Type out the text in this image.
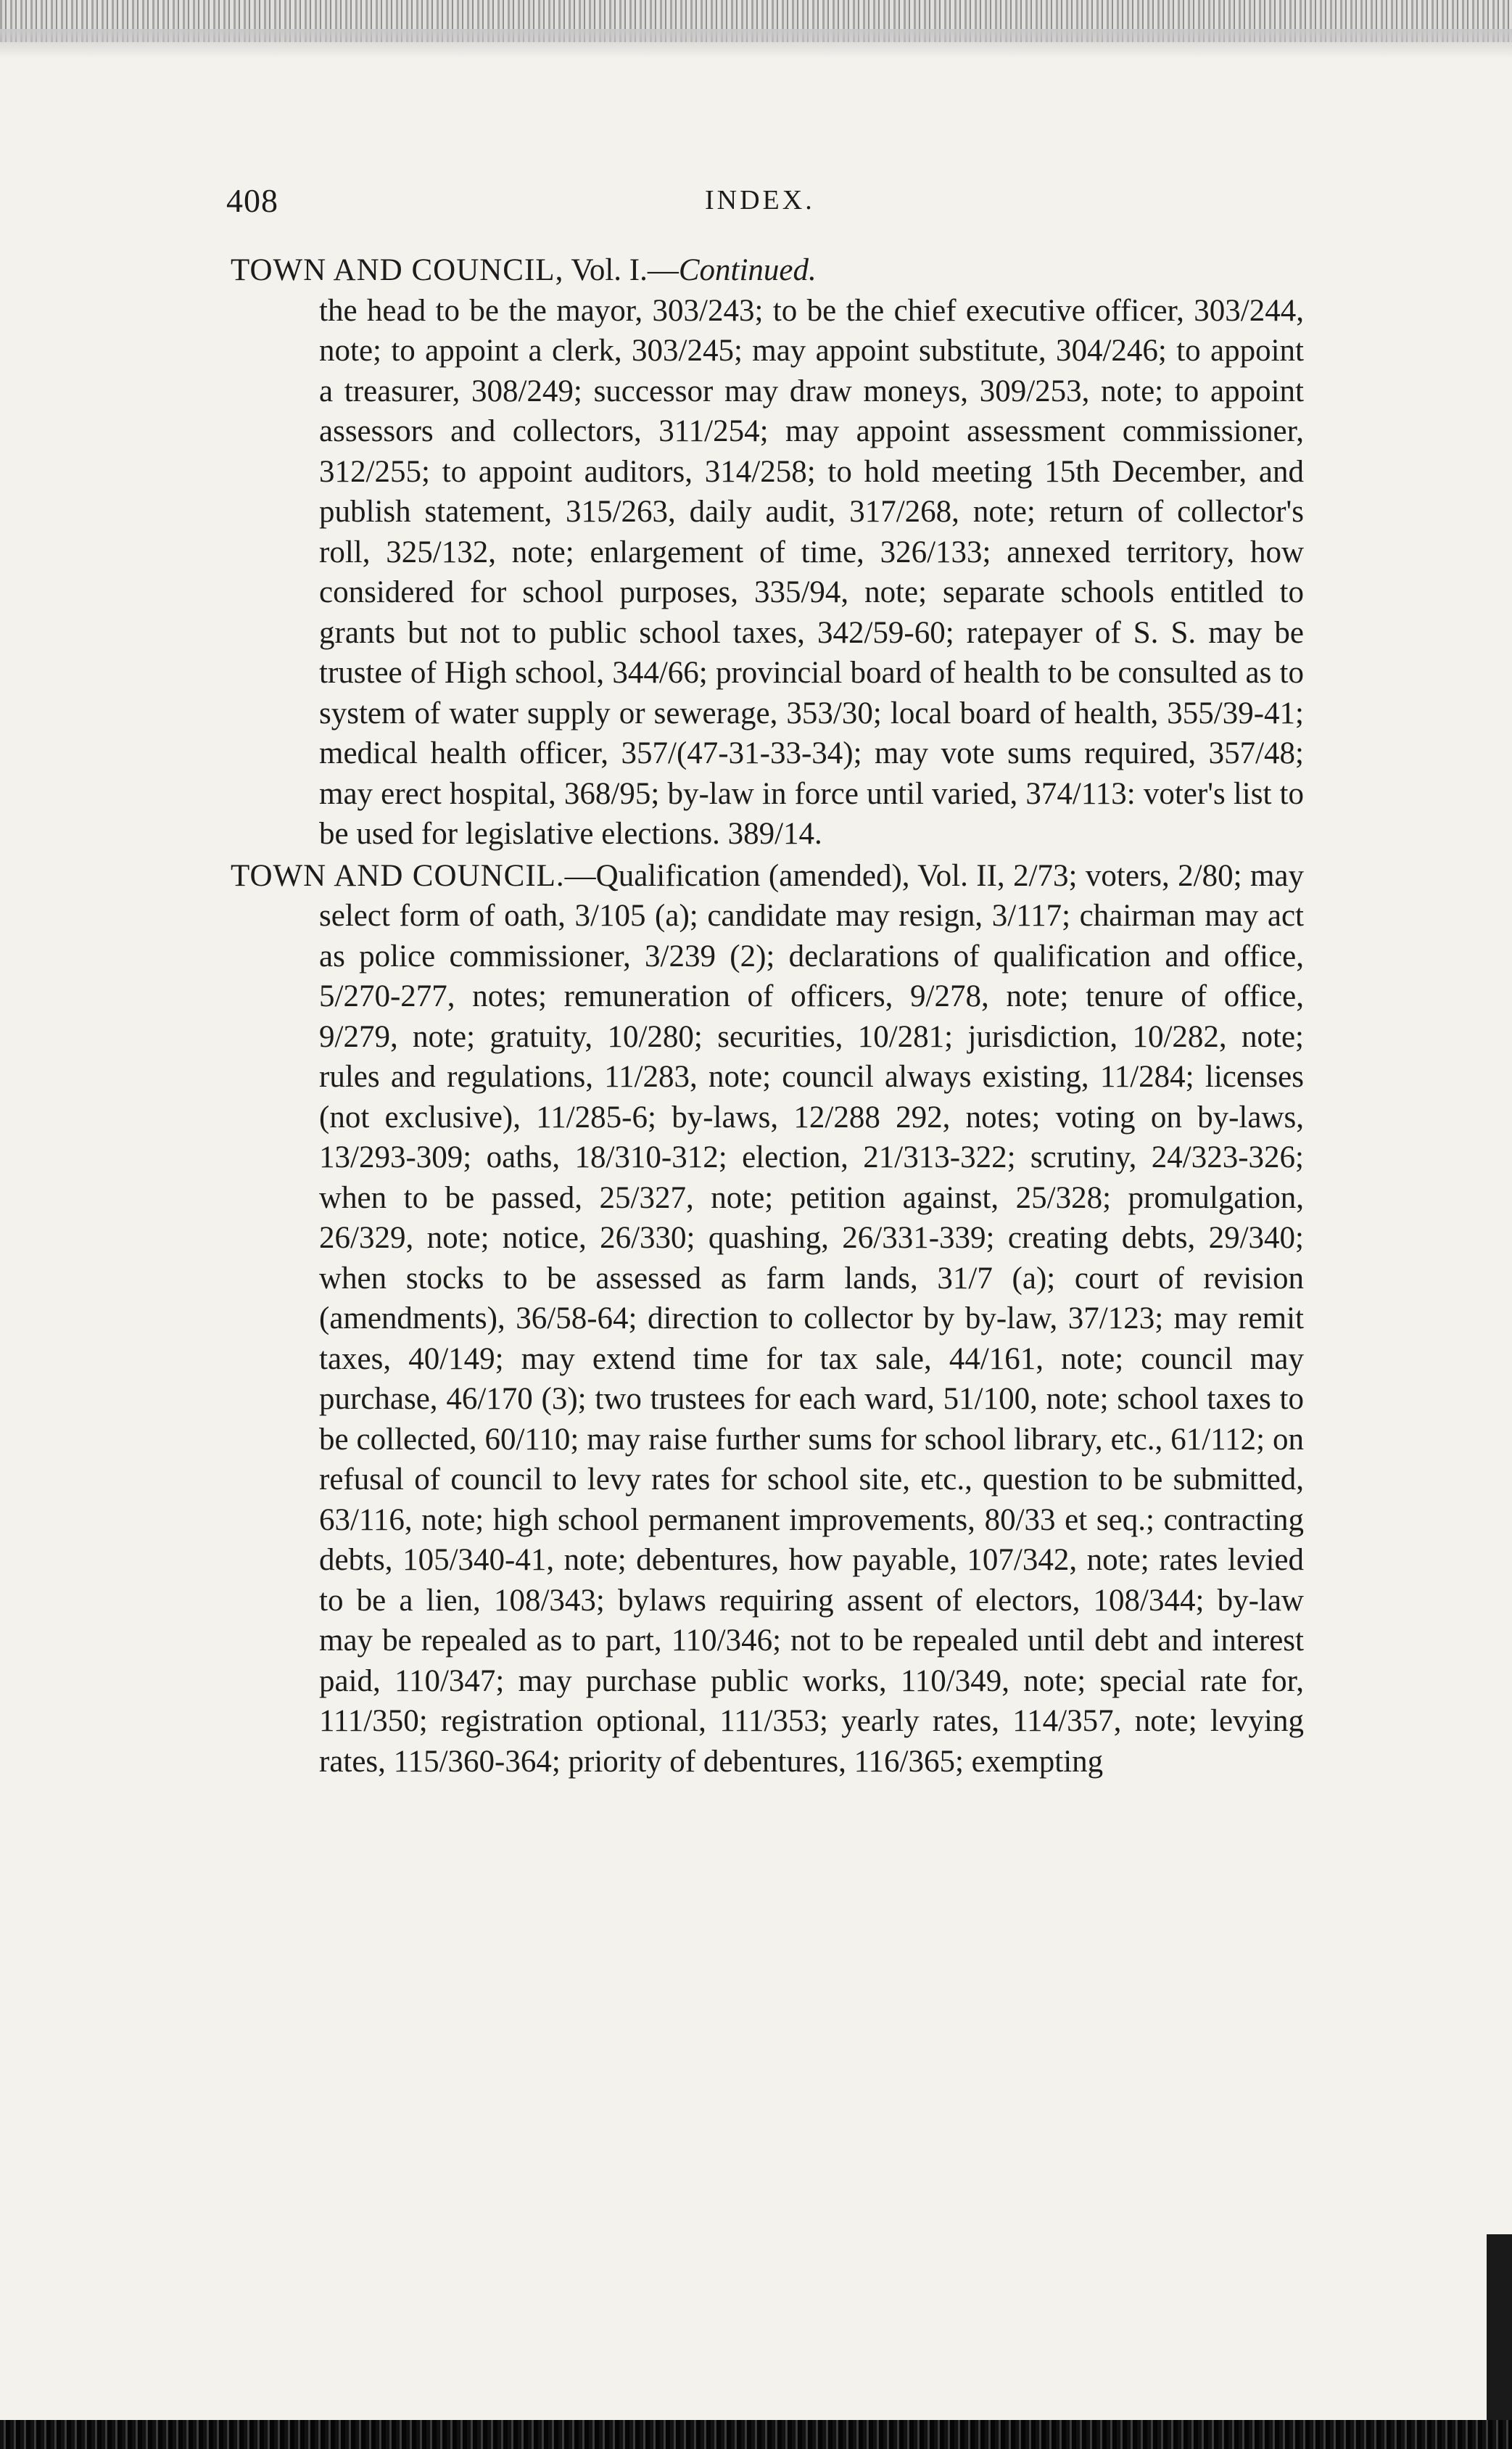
408	INDEX.

TOWN AND COUNCIL, Vol. I.—Continued.
the head to be the mayor, 303/243; to be the chief executive officer, 303/244, note; to appoint a clerk, 303/245; may appoint substitute, 304/246; to appoint a treasurer, 308/249; successor may draw moneys, 309/253, note; to appoint assessors and collectors, 311/254; may appoint assessment commissioner, 312/255; to appoint auditors, 314/258; to hold meeting 15th December, and publish statement, 315/263, daily audit, 317/268, note; return of collector's roll, 325/132, note; enlargement of time, 326/133; annexed territory, how considered for school purposes, 335/94, note; separate schools entitled to grants but not to public school taxes, 342/59-60; ratepayer of S. S. may be trustee of High school, 344/66; provincial board of health to be consulted as to system of water supply or sewerage, 353/30; local board of health, 355/39-41; medical health officer, 357/(47-31-33-34); may vote sums required, 357/48; may erect hospital, 368/95; by-law in force until varied, 374/113: voter's list to be used for legislative elections. 389/14.

TOWN AND COUNCIL.—Qualification (amended), Vol. II, 2/73; voters, 2/80; may select form of oath, 3/105 (a); candidate may resign, 3/117; chairman may act as police commissioner, 3/239 (2); declarations of qualification and office, 5/270-277, notes; remuneration of officers, 9/278, note; tenure of office, 9/279, note; gratuity, 10/280; securities, 10/281; jurisdiction, 10/282, note; rules and regulations, 11/283, note; council always existing, 11/284; licenses (not exclusive), 11/285-6; by-laws, 12/288 292, notes; voting on by-laws, 13/293-309; oaths, 18/310-312; election, 21/313-322; scrutiny, 24/323-326; when to be passed, 25/327, note; petition against, 25/328; promulgation, 26/329, note; notice, 26/330; quashing, 26/331-339; creating debts, 29/340; when stocks to be assessed as farm lands, 31/7 (a); court of revision (amendments), 36/58-64; direction to collector by by-law, 37/123; may remit taxes, 40/149; may extend time for tax sale, 44/161, note; council may purchase, 46/170 (3); two trustees for each ward, 51/100, note; school taxes to be collected, 60/110; may raise further sums for school library, etc., 61/112; on refusal of council to levy rates for school site, etc., question to be submitted, 63/116, note; high school permanent improvements, 80/33 et seq.; contracting debts, 105/340-41, note; debentures, how payable, 107/342, note; rates levied to be a lien, 108/343; bylaws requiring assent of electors, 108/344; by-law may be repealed as to part, 110/346; not to be repealed until debt and interest paid, 110/347; may purchase public works, 110/349, note; special rate for, 111/350; registration optional, 111/353; yearly rates, 114/357, note; levying rates, 115/360-364; priority of debentures, 116/365; exempting
